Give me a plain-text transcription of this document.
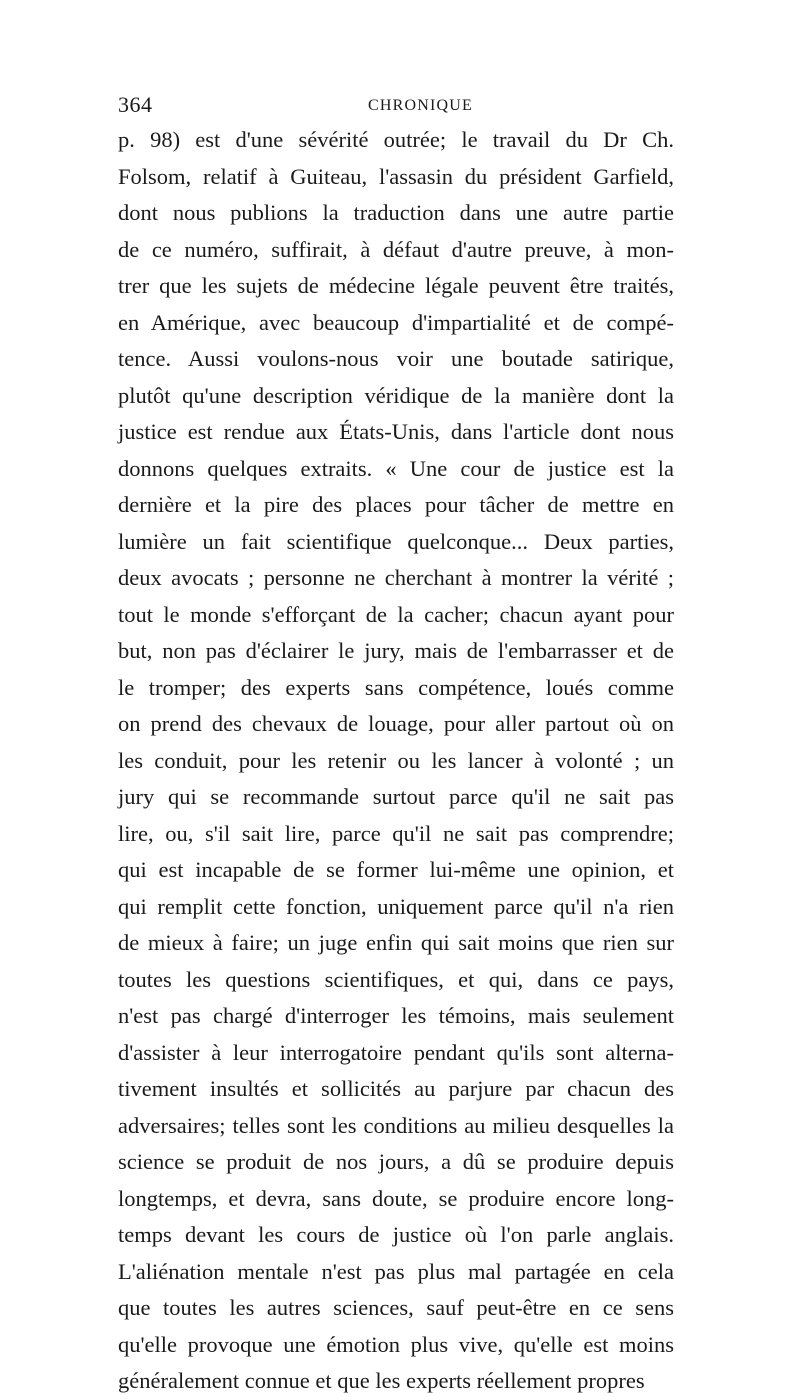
364	CHRONIQUE
p. 98) est d'une sévérité outrée; le travail du Dr Ch.
Folsom, relatif à Guiteau, l'assasin du président Garfield,
dont nous publions la traduction dans une autre partie
de ce numéro, suffirait, à défaut d'autre preuve, à mon-
trer que les sujets de médecine légale peuvent être traités,
en Amérique, avec beaucoup d'impartialité et de compé-
tence. Aussi voulons-nous voir une boutade satirique,
plutôt qu'une description véridique de la manière dont la
justice est rendue aux États-Unis, dans l'article dont nous
donnons quelques extraits. « Une cour de justice est la
dernière et la pire des places pour tâcher de mettre en
lumière un fait scientifique quelconque... Deux parties,
deux avocats ; personne ne cherchant à montrer la vérité ;
tout le monde s'efforçant de la cacher; chacun ayant pour
but, non pas d'éclairer le jury, mais de l'embarrasser et de
le tromper; des experts sans compétence, loués comme
on prend des chevaux de louage, pour aller partout où on
les conduit, pour les retenir ou les lancer à volonté ; un
jury qui se recommande surtout parce qu'il ne sait pas
lire, ou, s'il sait lire, parce qu'il ne sait pas comprendre;
qui est incapable de se former lui-même une opinion, et
qui remplit cette fonction, uniquement parce qu'il n'a rien
de mieux à faire; un juge enfin qui sait moins que rien sur
toutes les questions scientifiques, et qui, dans ce pays,
n'est pas chargé d'interroger les témoins, mais seulement
d'assister à leur interrogatoire pendant qu'ils sont alterna-
tivement insultés et sollicités au parjure par chacun des
adversaires; telles sont les conditions au milieu desquelles la
science se produit de nos jours, a dû se produire depuis
longtemps, et devra, sans doute, se produire encore long-
temps devant les cours de justice où l'on parle anglais.
L'aliénation mentale n'est pas plus mal partagée en cela
que toutes les autres sciences, sauf peut-être en ce sens
qu'elle provoque une émotion plus vive, qu'elle est moins
généralement connue et que les experts réellement propres
